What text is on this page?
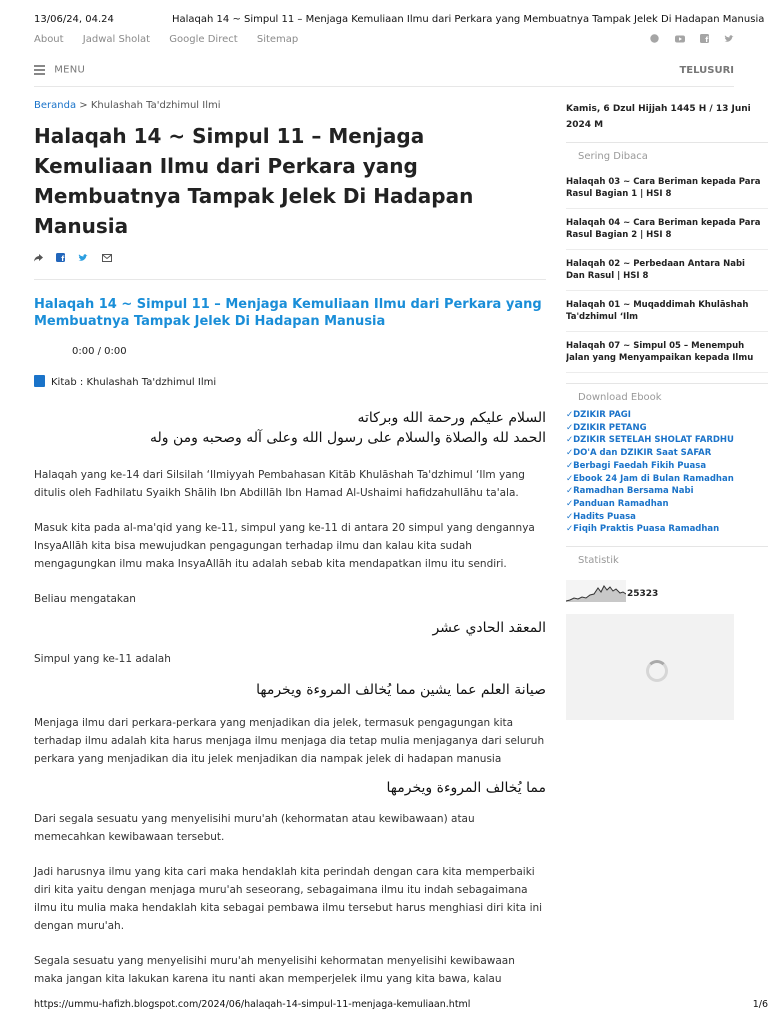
13/06/24, 04.24	Halaqah 14 ~ Simpul 11 – Menjaga Kemuliaan Ilmu dari Perkara yang Membuatnya Tampak Jelek Di Hadapan Manusia
About Jadwal Sholat Google Direct Sitemap
	f

MENU	TELUSURI
Beranda > Khulashah Ta'dzhimul Ilmi
Halaqah 14 ~ Simpul 11 – Menjaga Kemuliaan Ilmu dari Perkara yang Membuatnya Tampak Jelek Di Hadapan Manusia

f

Halaqah 14 ~ Simpul 11 – Menjaga Kemuliaan Ilmu dari Perkara yang Membuatnya Tampak Jelek Di Hadapan Manusia
0:00 / 0:00
Kitab : Khulashah Ta'dzhimul Ilmi
السلام عليكم ورحمة الله وبركاته
الحمد لله والصلاة والسلام على رسول الله وعلى آله وصحبه ومن وله

Halaqah yang ke-14 dari Silsilah ‘Ilmiyyah Pembahasan Kitāb Khulāshah Ta'dzhimul ‘Ilm yang ditulis oleh Fadhilatu Syaikh Shālih Ibn Abdillāh Ibn Hamad Al-Ushaimi hafidzahullāhu ta'ala.

Masuk kita pada al-ma'qid yang ke-11, simpul yang ke-11 di antara 20 simpul yang dengannya InsyaAllāh kita bisa mewujudkan pengagungan terhadap ilmu dan kalau kita sudah mengagungkan ilmu maka InsyaAllāh itu adalah sebab kita mendapatkan ilmu itu sendiri.

Beliau mengatakan

المعقد الحادي عشر

Simpul yang ke-11 adalah

صيانة العلم عما يشين مما يُخالف المروءة ويخرمها

Menjaga ilmu dari perkara-perkara yang menjadikan dia jelek, termasuk pengagungan kita terhadap ilmu adalah kita harus menjaga ilmu menjaga dia tetap mulia menjaganya dari seluruh perkara yang menjadikan dia itu jelek menjadikan dia nampak jelek di hadapan manusia

مما يُخالف المروءة ويخرمها

Dari segala sesuatu yang menyelisihi muru'ah (kehormatan atau kewibawaan) atau memecahkan kewibawaan tersebut.

Jadi harusnya ilmu yang kita cari maka hendaklah kita perindah dengan cara kita memperbaiki diri kita yaitu dengan menjaga muru'ah seseorang, sebagaimana ilmu itu indah sebagaimana ilmu itu mulia maka hendaklah kita sebagai pembawa ilmu tersebut harus menghiasi diri kita ini dengan muru'ah.

Segala sesuatu yang menyelisihi muru'ah menyelisihi kehormatan menyelisihi kewibawaan maka jangan kita lakukan karena itu nanti akan memperjelek ilmu yang kita bawa, kalau

Kamis, 6 Dzul Hijjah 1445 H / 13 Juni
2024 M
Sering Dibaca
Halaqah 03 ~ Cara Beriman kepada Para
Rasul Bagian 1 | HSI 8
Halaqah 04 ~ Cara Beriman kepada Para
Rasul Bagian 2 | HSI 8
Halaqah 02 ~ Perbedaan Antara Nabi
Dan Rasul | HSI 8
Halaqah 01 ~ Muqaddimah Khulāshah
Ta'dzhimul ‘Ilm
Halaqah 07 ~ Simpul 05 – Menempuh
Jalan yang Menyampaikan kepada Ilmu
Download Ebook
✓DZIKIR PAGI
✓DZIKIR PETANG
✓DZIKIR SETELAH SHOLAT FARDHU
✓DO'A dan DZIKIR Saat SAFAR
✓Berbagi Faedah Fikih Puasa
✓Ebook 24 Jam di Bulan Ramadhan
✓Ramadhan Bersama Nabi
✓Panduan Ramadhan
✓Hadits Puasa
✓Fiqih Praktis Puasa Ramadhan
Statistik
25323
https://ummu-hafizh.blogspot.com/2024/06/halaqah-14-simpul-11-menjaga-kemuliaan.html	1/6
